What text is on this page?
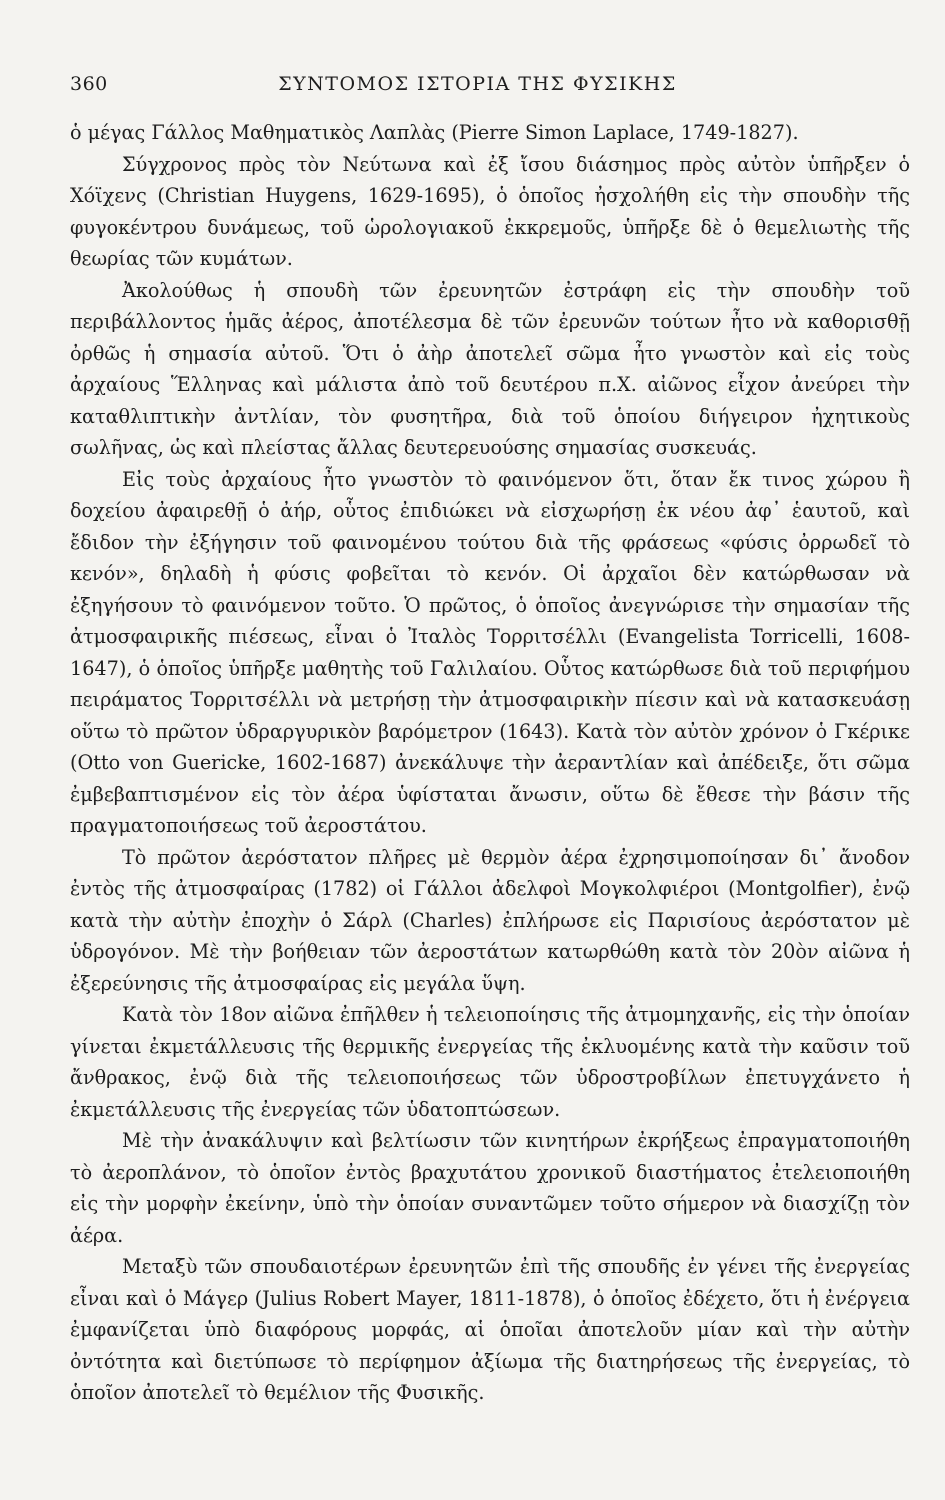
360	ΣΥΝΤΟΜΟΣ ΙΣΤΟΡΙΑ ΤΗΣ ΦΥΣΙΚΗΣ

ὁ μέγας Γάλλος Μαθηματικὸς Λαπλὰς (Pierre Simon Laplace, 1749-1827).

Σύγχρονος πρὸς τὸν Νεύτωνα καὶ ἐξ ἴσου διάσημος πρὸς αὐτὸν ὑπῆρξεν ὁ Χόϊχενς (Christian Huygens, 1629-1695), ὁ ὁποῖος ἠσχολήθη εἰς τὴν σπουδὴν τῆς φυγοκέντρου δυνάμεως, τοῦ ὡρολογιακοῦ ἐκκρεμοῦς, ὑπῆρξε δὲ ὁ θεμελιωτὴς τῆς θεωρίας τῶν κυμάτων.

Ἀκολούθως ἡ σπουδὴ τῶν ἐρευνητῶν ἐστράφη εἰς τὴν σπουδὴν τοῦ περιβάλλοντος ἡμᾶς ἀέρος, ἀποτέλεσμα δὲ τῶν ἐρευνῶν τούτων ἦτο νὰ καθορισθῇ ὀρθῶς ἡ σημασία αὐτοῦ. Ὅτι ὁ ἀὴρ ἀποτελεῖ σῶμα ἦτο γνωστὸν καὶ εἰς τοὺς ἀρχαίους Ἕλληνας καὶ μάλιστα ἀπὸ τοῦ δευτέρου π.Χ. αἰῶνος εἶχον ἀνεύρει τὴν καταθλιπτικὴν ἀντλίαν, τὸν φυσητῆρα, διὰ τοῦ ὁποίου διήγειρον ἠχητικοὺς σωλῆνας, ὡς καὶ πλείστας ἄλλας δευτερευούσης σημασίας συσκευάς.

Εἰς τοὺς ἀρχαίους ἦτο γνωστὸν τὸ φαινόμενον ὅτι, ὅταν ἔκ τινος χώρου ἢ δοχείου ἀφαιρεθῇ ὁ ἀήρ, οὗτος ἐπιδιώκει νὰ εἰσχωρήσῃ ἐκ νέου ἀφ᾽ ἑαυτοῦ, καὶ ἔδιδον τὴν ἐξήγησιν τοῦ φαινομένου τούτου διὰ τῆς φράσεως «φύσις ὀρρωδεῖ τὸ κενόν», δηλαδὴ ἡ φύσις φοβεῖται τὸ κενόν. Οἱ ἀρχαῖοι δὲν κατώρθωσαν νὰ ἐξηγήσουν τὸ φαινόμενον τοῦτο. Ὁ πρῶτος, ὁ ὁποῖος ἀνεγνώρισε τὴν σημασίαν τῆς ἀτμοσφαιρικῆς πιέσεως, εἶναι ὁ Ἰταλὸς Τορριτσέλλι (Evangelista Torricelli, 1608-1647), ὁ ὁποῖος ὑπῆρξε μαθητὴς τοῦ Γαλιλαίου. Οὗτος κατώρθωσε διὰ τοῦ περιφήμου πειράματος Τορριτσέλλι νὰ μετρήσῃ τὴν ἀτμοσφαιρικὴν πίεσιν καὶ νὰ κατασκευάσῃ οὕτω τὸ πρῶτον ὑδραργυρικὸν βαρόμετρον (1643). Κατὰ τὸν αὐτὸν χρόνον ὁ Γκέρικε (Otto von Guericke, 1602-1687) ἀνεκάλυψε τὴν ἀεραντλίαν καὶ ἀπέδειξε, ὅτι σῶμα ἐμβεβαπτισμένον εἰς τὸν ἀέρα ὑφίσταται ἄνωσιν, οὕτω δὲ ἔθεσε τὴν βάσιν τῆς πραγματοποιήσεως τοῦ ἀεροστάτου.

Τὸ πρῶτον ἀερόστατον πλῆρες μὲ θερμὸν ἀέρα ἐχρησιμοποίησαν δι᾽ ἄνοδον ἐντὸς τῆς ἀτμοσφαίρας (1782) οἱ Γάλλοι ἀδελφοὶ Μογκολφιέροι (Montgolfier), ἐνῷ κατὰ τὴν αὐτὴν ἐποχὴν ὁ Σάρλ (Charles) ἐπλήρωσε εἰς Παρισίους ἀερόστατον μὲ ὑδρογόνον. Μὲ τὴν βοήθειαν τῶν ἀεροστάτων κατωρθώθη κατὰ τὸν 20ὸν αἰῶνα ἡ ἐξερεύνησις τῆς ἀτμοσφαίρας εἰς μεγάλα ὕψη.

Κατὰ τὸν 18ον αἰῶνα ἐπῆλθεν ἡ τελειοποίησις τῆς ἀτμομηχανῆς, εἰς τὴν ὁποίαν γίνεται ἐκμετάλλευσις τῆς θερμικῆς ἐνεργείας τῆς ἐκλυομένης κατὰ τὴν καῦσιν τοῦ ἄνθρακος, ἐνῷ διὰ τῆς τελειοποιήσεως τῶν ὑδροστροβίλων ἐπετυγχάνετο ἡ ἐκμετάλλευσις τῆς ἐνεργείας τῶν ὑδατοπτώσεων.

Μὲ τὴν ἀνακάλυψιν καὶ βελτίωσιν τῶν κινητήρων ἐκρήξεως ἐπραγματοποιήθη τὸ ἀεροπλάνον, τὸ ὁποῖον ἐντὸς βραχυτάτου χρονικοῦ διαστήματος ἐτελειοποιήθη εἰς τὴν μορφὴν ἐκείνην, ὑπὸ τὴν ὁποίαν συναντῶμεν τοῦτο σήμερον νὰ διασχίζῃ τὸν ἀέρα.

Μεταξὺ τῶν σπουδαιοτέρων ἐρευνητῶν ἐπὶ τῆς σπουδῆς ἐν γένει τῆς ἐνεργείας εἶναι καὶ ὁ Μάγερ (Julius Robert Mayer, 1811-1878), ὁ ὁποῖος ἐδέχετο, ὅτι ἡ ἐνέργεια ἐμφανίζεται ὑπὸ διαφόρους μορφάς, αἱ ὁποῖαι ἀποτελοῦν μίαν καὶ τὴν αὐτὴν ὀντότητα καὶ διετύπωσε τὸ περίφημον ἀξίωμα τῆς διατηρήσεως τῆς ἐνεργείας, τὸ ὁποῖον ἀποτελεῖ τὸ θεμέλιον τῆς Φυσικῆς.
